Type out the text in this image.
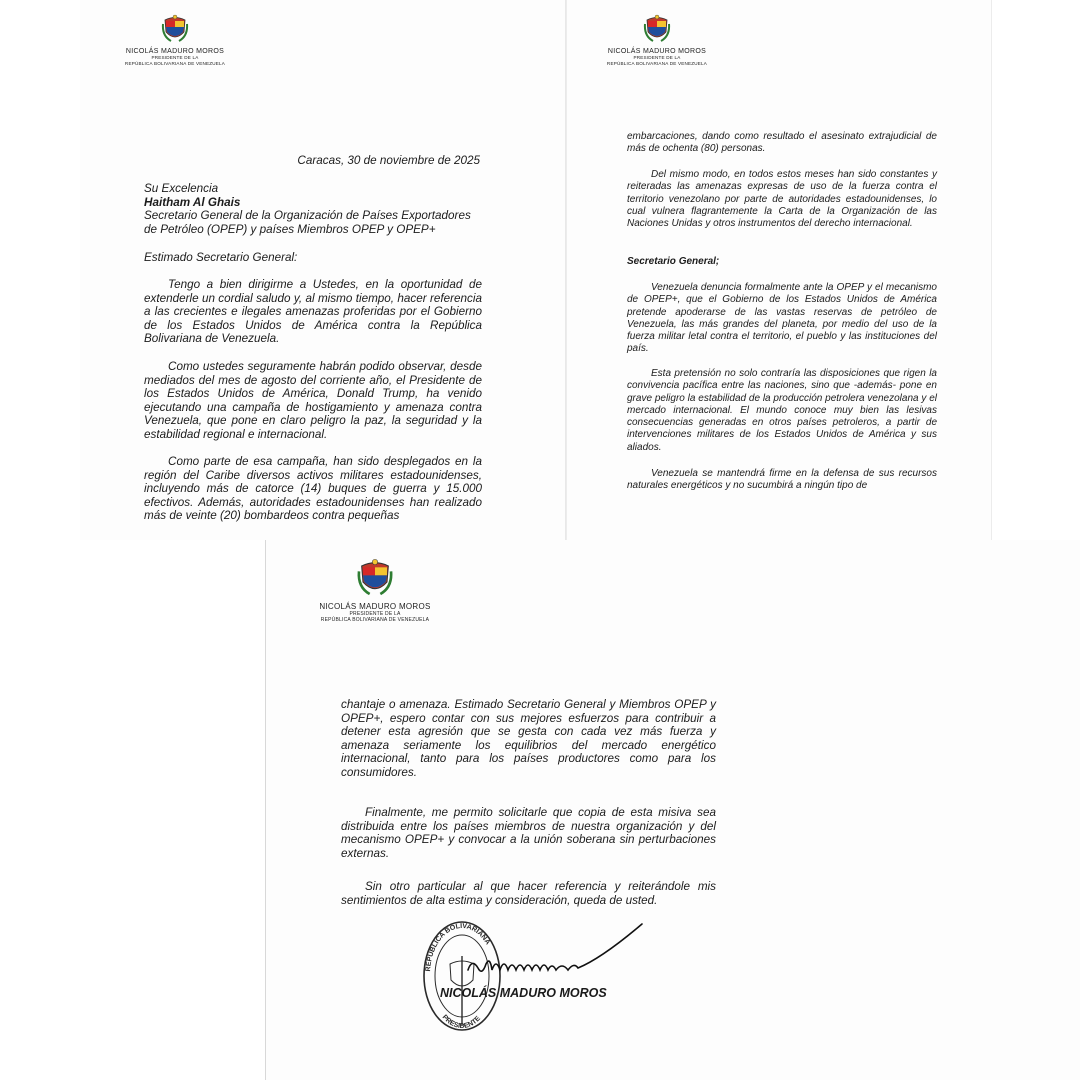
NICOLÁS MADURO MOROS
PRESIDENTE DE LA
REPÚBLICA BOLIVARIANA DE VENEZUELA
Caracas, 30 de noviembre de 2025

Su Excelencia

Haitham Al Ghais

Secretario General de la Organización de Países Exportadores de Petróleo (OPEP) y países Miembros OPEP y OPEP+

Estimado Secretario General:
Tengo a bien dirigirme a Ustedes, en la oportunidad de extenderle un cordial saludo y, al mismo tiempo, hacer referencia a las crecientes e ilegales amenazas proferidas por el Gobierno de los Estados Unidos de América contra la República Bolivariana de Venezuela.
Como ustedes seguramente habrán podido observar, desde mediados del mes de agosto del corriente año, el Presidente de los Estados Unidos de América, Donald Trump, ha venido ejecutando una campaña de hostigamiento y amenaza contra Venezuela, que pone en claro peligro la paz, la seguridad y la estabilidad regional e internacional.
Como parte de esa campaña, han sido desplegados en la región del Caribe diversos activos militares estadounidenses, incluyendo más de catorce (14) buques de guerra y 15.000 efectivos. Además, autoridades estadounidenses han realizado más de veinte (20) bombardeos contra pequeñas
NICOLÁS MADURO MOROS
PRESIDENTE DE LA
REPÚBLICA BOLIVARIANA DE VENEZUELA
embarcaciones, dando como resultado el asesinato extrajudicial de más de ochenta (80) personas.
Del mismo modo, en todos estos meses han sido constantes y reiteradas las amenazas expresas de uso de la fuerza contra el territorio venezolano por parte de autoridades estadounidenses, lo cual vulnera flagrantemente la Carta de la Organización de las Naciones Unidas y otros instrumentos del derecho internacional.
Secretario General;
Venezuela denuncia formalmente ante la OPEP y el mecanismo de OPEP+, que el Gobierno de los Estados Unidos de América pretende apoderarse de las vastas reservas de petróleo de Venezuela, las más grandes del planeta, por medio del uso de la fuerza militar letal contra el territorio, el pueblo y las instituciones del país.
Esta pretensión no solo contraría las disposiciones que rigen la convivencia pacífica entre las naciones, sino que -además- pone en grave peligro la estabilidad de la producción petrolera venezolana y el mercado internacional. El mundo conoce muy bien las lesivas consecuencias generadas en otros países petroleros, a partir de intervenciones militares de los Estados Unidos de América y sus aliados.
Venezuela se mantendrá firme en la defensa de sus recursos naturales energéticos y no sucumbirá a ningún tipo de
NICOLÁS MADURO MOROS
PRESIDENTE DE LA
REPÚBLICA BOLIVARIANA DE VENEZUELA
chantaje o amenaza. Estimado Secretario General y Miembros OPEP y OPEP+, espero contar con sus mejores esfuerzos para contribuir a detener esta agresión que se gesta con cada vez más fuerza y amenaza seriamente los equilibrios del mercado energético internacional, tanto para los países productores como para los consumidores.
Finalmente, me permito solicitarle que copia de esta misiva sea distribuida entre los países miembros de nuestra organización y del mecanismo OPEP+ y convocar a la unión soberana sin perturbaciones externas.
Sin otro particular al que hacer referencia y reiterándole mis sentimientos de alta estima y consideración, queda de usted.
REPÚBLICA BOLIVARIANA
PRESIDENTE
NICOLÁS MADURO MOROS
